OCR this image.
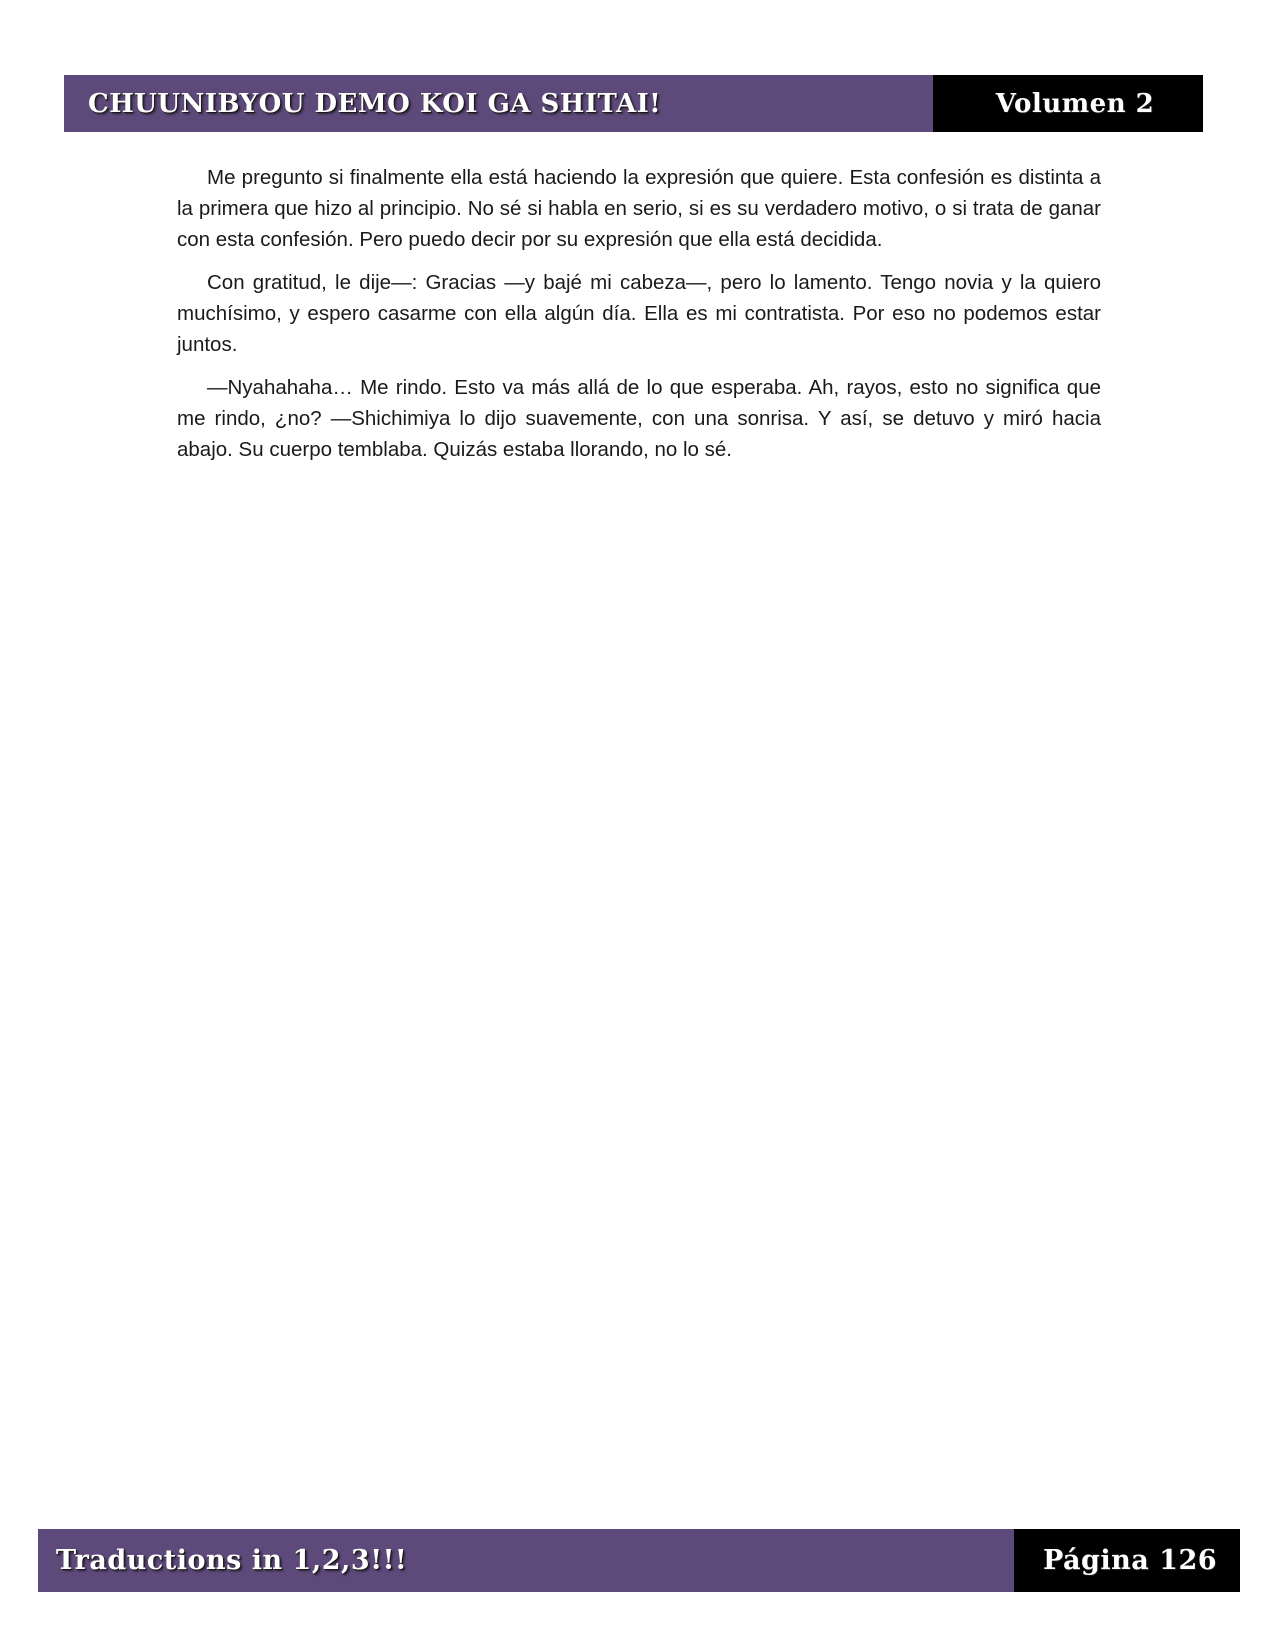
CHUUNIBYOU DEMO KOI GA SHITAI!	Volumen 2

Me pregunto si finalmente ella está haciendo la expresión que quiere. Esta confesión es distinta a la primera que hizo al principio. No sé si habla en serio, si es su verdadero motivo, o si trata de ganar con esta confesión. Pero puedo decir por su expresión que ella está decidida.

Con gratitud, le dije—: Gracias —y bajé mi cabeza—, pero lo lamento. Tengo novia y la quiero muchísimo, y espero casarme con ella algún día. Ella es mi contratista. Por eso no podemos estar juntos.

—Nyahahaha… Me rindo. Esto va más allá de lo que esperaba. Ah, rayos, esto no significa que me rindo, ¿no? —Shichimiya lo dijo suavemente, con una sonrisa. Y así, se detuvo y miró hacia abajo. Su cuerpo temblaba. Quizás estaba llorando, no lo sé.

Traductions in 1,2,3!!!	Página 126
